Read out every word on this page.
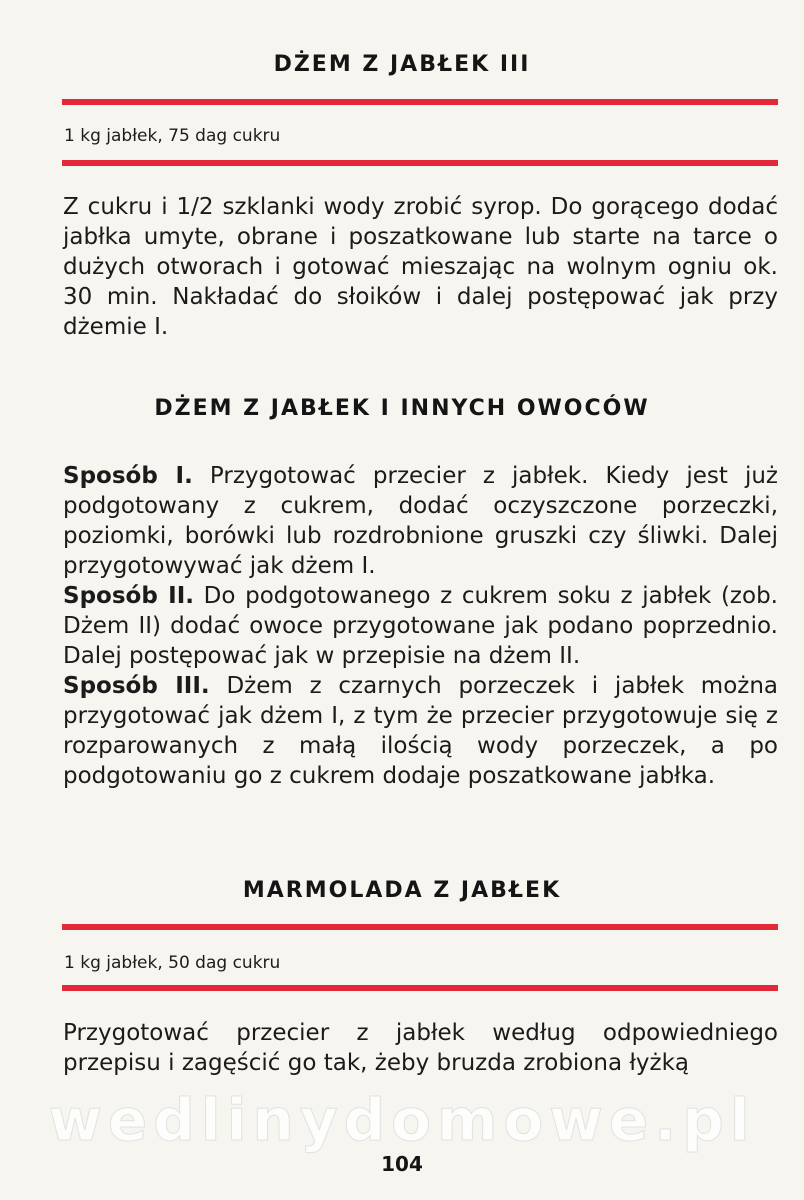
DŻEM Z JABŁEK III
1 kg jabłek, 75 dag cukru

Z cukru i 1/2 szklanki wody zrobić syrop. Do gorącego dodać jabłka umyte, obrane i poszatkowane lub starte na tarce o dużych otworach i gotować mieszając na wolnym ogniu ok. 30 min. Nakładać do słoików i dalej postępować jak przy dżemie I.

DŻEM Z JABŁEK I INNYCH OWOCÓW

Sposób I. Przygotować przecier z jabłek. Kiedy jest już podgotowany z cukrem, dodać oczyszczone porzeczki, poziomki, borówki lub rozdrobnione gruszki czy śliwki. Dalej przygotowywać jak dżem I.

Sposób II. Do podgotowanego z cukrem soku z jabłek (zob. Dżem II) dodać owoce przygotowane jak podano poprzednio. Dalej postępować jak w przepisie na dżem II.

Sposób III. Dżem z czarnych porzeczek i jabłek można przygotować jak dżem I, z tym że przecier przygotowuje się z rozparowanych z małą ilością wody porzeczek, a po podgotowaniu go z cukrem dodaje poszatkowane jabłka.

MARMOLADA Z JABŁEK
1 kg jabłek, 50 dag cukru

Przygotować przecier z jabłek według odpowiedniego przepisu i zagęścić go tak, żeby bruzda zrobiona łyżką

wedlinydomowe.pl
104
